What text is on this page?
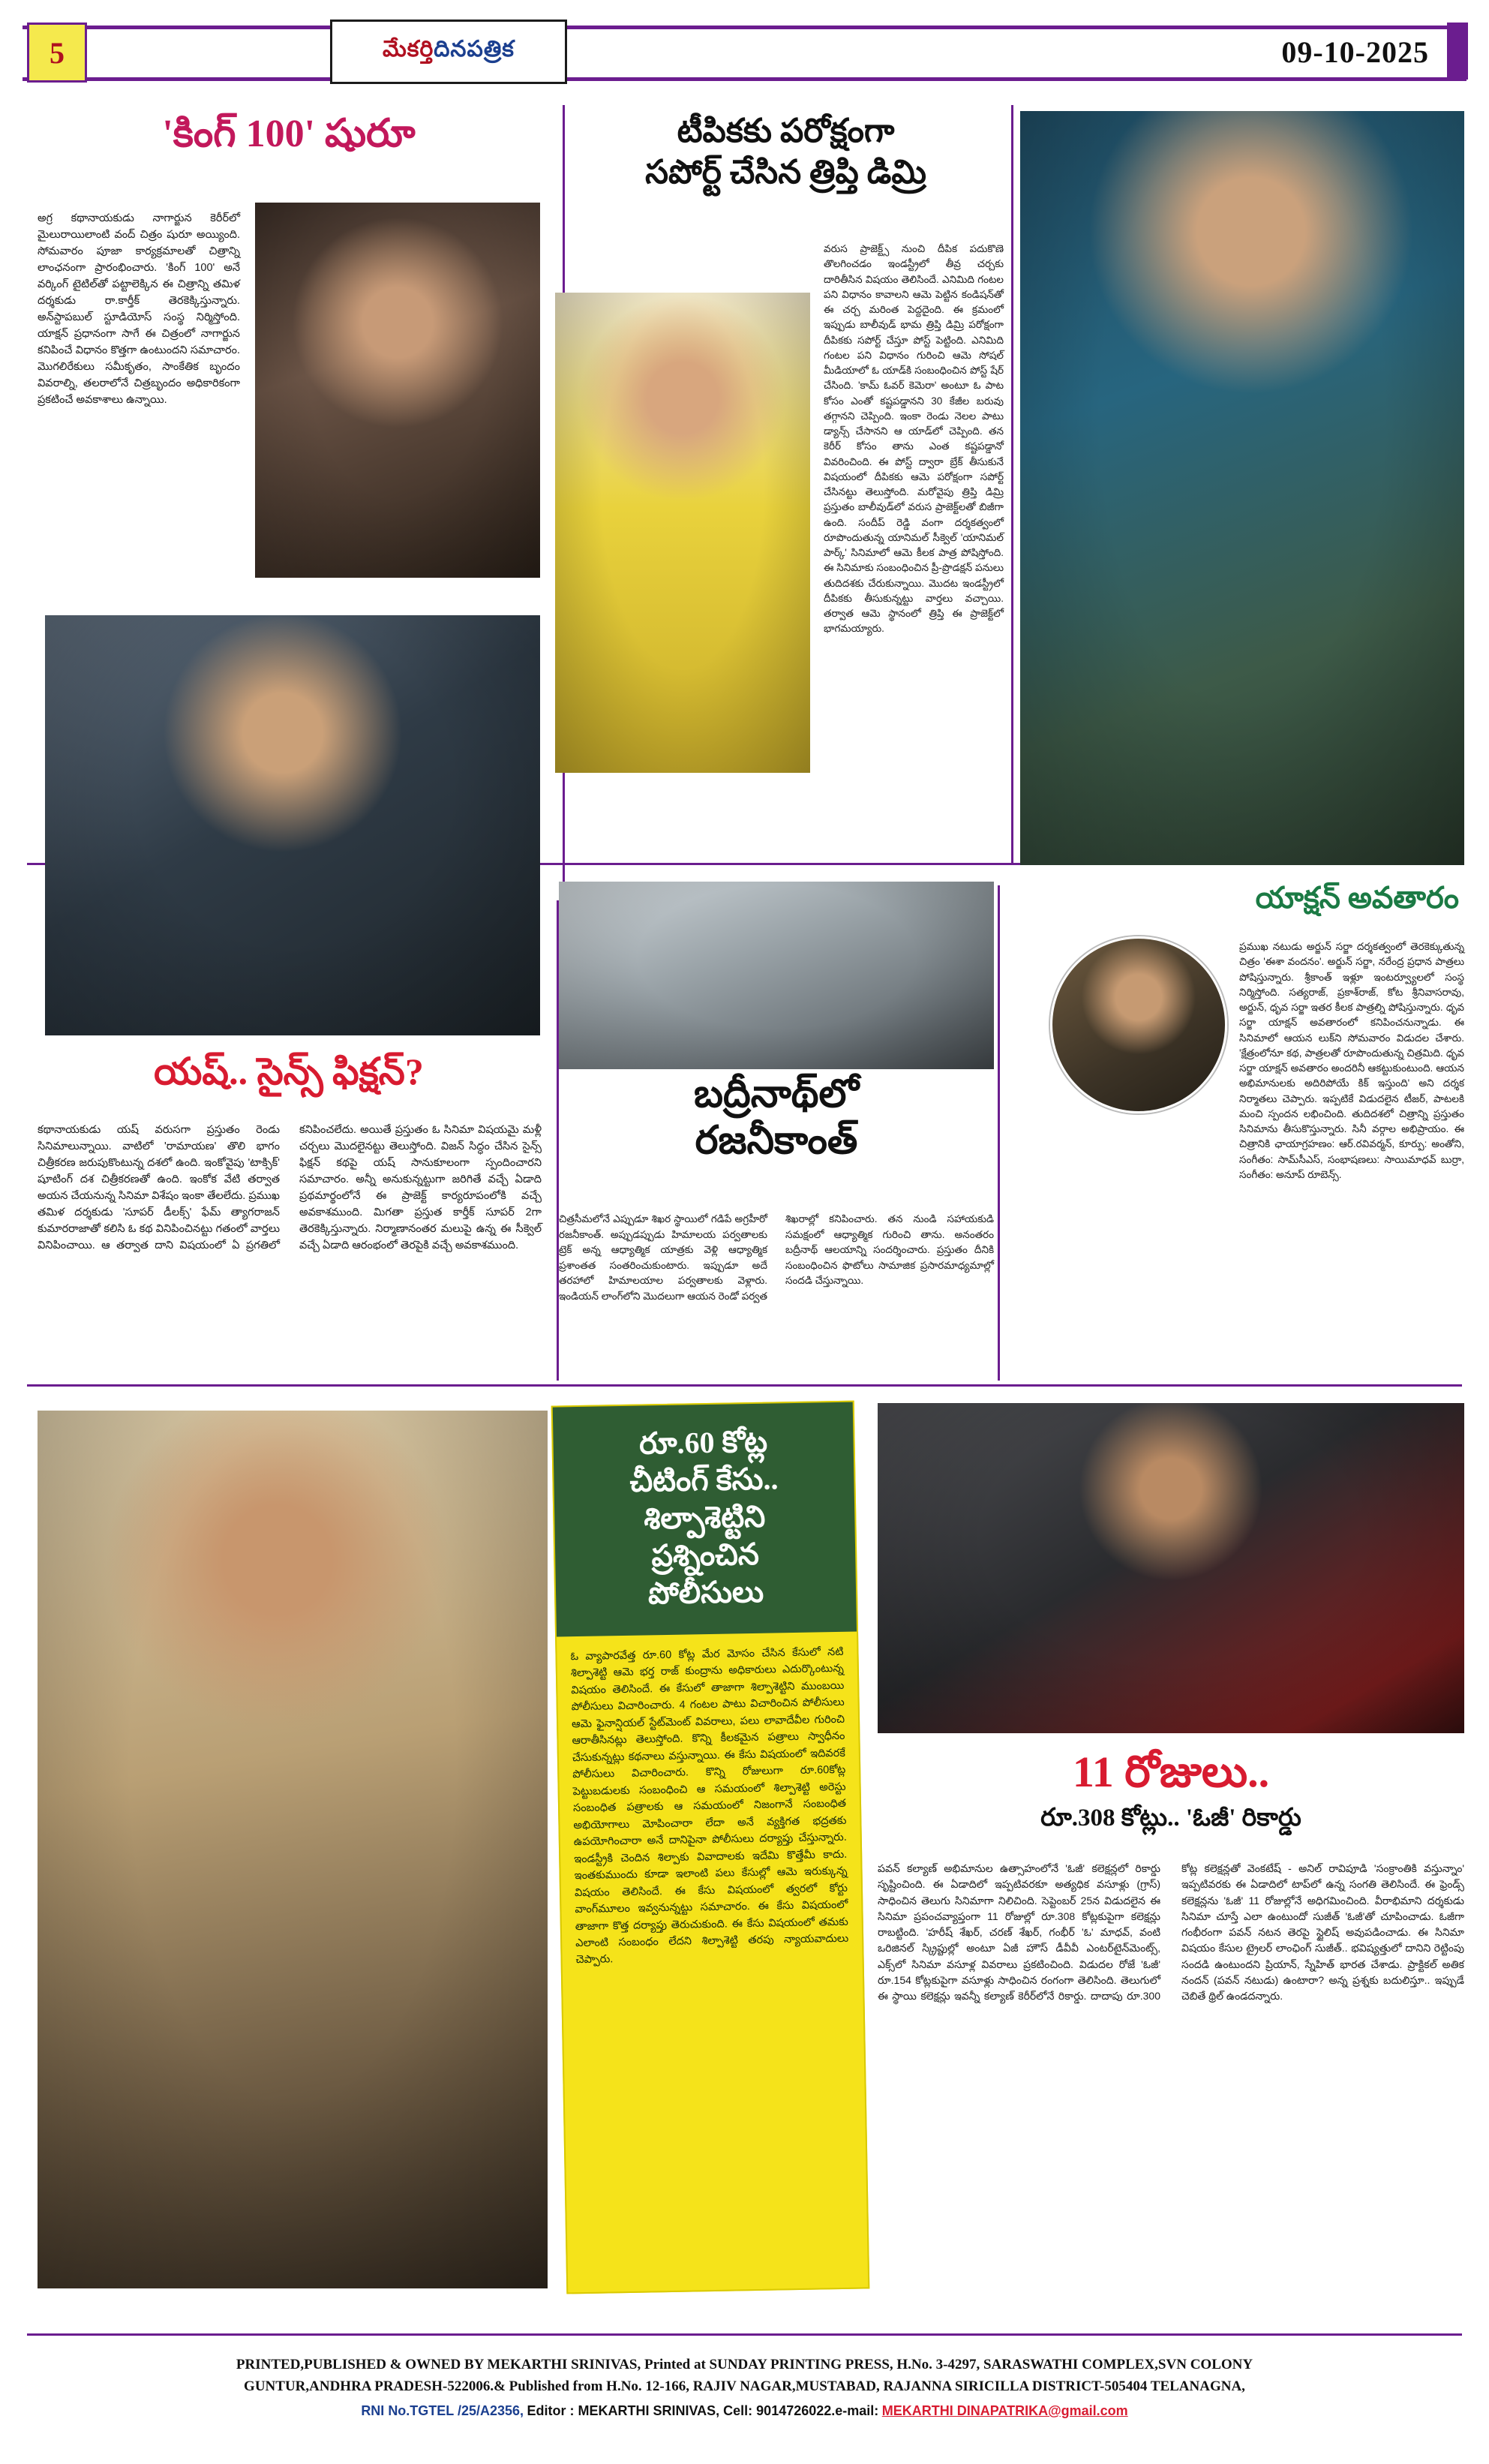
5	మేకర్తి దినపత్రిక	09-10-2025
'కింగ్ 100' షురూ
అగ్ర కథానాయకుడు నాగార్జున కెరీర్‌లో మైలురాయిలాంటి వంద్ చిత్రం షురూ అయ్యింది. సోమవారం పూజా కార్యక్రమాలతో చిత్రాన్ని లాంఛనంగా ప్రారంభించారు. 'కింగ్ 100' అనే వర్కింగ్ టైటిల్‌తో పట్టాలెక్కిన ఈ చిత్రాన్ని తమిళ దర్శకుడు రా.కార్తీక్ తెరకెక్కిస్తున్నారు. అన్‌స్టాపబుల్ స్టూడియోస్ సంస్థ నిర్మిస్తోంది. యాక్షన్ ప్రధానంగా సాగే ఈ చిత్రంలో నాగార్జున కనిపించే విధానం కొత్తగా ఉంటుందని సమాచారం. మొగలిరేకులు సమీకృతం, సాంకేతిక బృందం వివరాల్ని, తలరాలోనే చిత్రబృందం అధికారికంగా ప్రకటించే అవకాశాలు ఉన్నాయి.
టీపికకు పరోక్షంగా
సపోర్ట్ చేసిన త్రిప్తి డిమ్రి
వరుస ప్రాజెక్ట్స్ నుంచి దీపిక పదుకొణె తొలగించడం ఇండస్ట్రీలో తీవ్ర చర్చకు దారితీసిన విషయం తెలిసిందే. ఎనిమిది గంటల పని విధానం కావాలని ఆమె పెట్టిన కండిషన్‌తో ఈ చర్చ మరింత పెద్దదైంది. ఈ క్రమంలో ఇప్పుడు బాలీవుడ్ భామ త్రిప్తి డిమ్రి పరోక్షంగా దీపికకు సపోర్ట్ చేస్తూ పోస్ట్ పెట్టింది. ఎనిమిది గంటల పని విధానం గురించి ఆమె సోషల్ మీడియాలో ఓ యాడ్‌కి సంబంధించిన పోస్ట్ షేర్ చేసింది. 'కామ్ ఓవర్ కెమెరా' అంటూ ఓ పాట కోసం ఎంతో కష్టపడ్డానని 30 కేజీల బరువు తగ్గానని చెప్పింది. ఇంకా రెండు నెలల పాటు డ్యాన్స్ చేసానని ఆ యాడ్‌లో చెప్పింది. తన కెరీర్ కోసం తాను ఎంత కష్టపడ్డానో వివరించింది. ఈ పోస్ట్ ద్వారా బ్రేక్ తీసుకునే విషయంలో దీపికకు ఆమె పరోక్షంగా సపోర్ట్ చేసినట్టు తెలుస్తోంది. మరోవైపు త్రిప్తి డిమ్రి ప్రస్తుతం బాలీవుడ్‌లో వరుస ప్రాజెక్ట్‌లతో బిజీగా ఉంది. సందీప్ రెడ్డి వంగా దర్శకత్వంలో రూపొందుతున్న యానిమల్ సీక్వెల్ 'యానిమల్ పార్క్' సినిమాలో ఆమె కీలక పాత్ర పోషిస్తోంది. ఈ సినిమాకు సంబంధించిన ప్రీ-ప్రొడక్షన్ పనులు తుదిదశకు చేరుకున్నాయి. మొదట ఇండస్ట్రీలో దీపికకు తీసుకున్నట్టు వార్తలు వచ్చాయి. తర్వాత ఆమె స్థానంలో త్రిప్తి ఈ ప్రాజెక్ట్‌లో భాగమయ్యారు.
యష్.. సైన్స్ ఫిక్షన్?
కథానాయకుడు యష్ వరుసగా ప్రస్తుతం రెండు సినిమాలున్నాయి. వాటిలో 'రామాయణ' తొలి భాగం చిత్రీకరణ జరుపుకొంటున్న దశలో ఉంది. ఇంకోవైపు 'టాక్సిక్' షూటింగ్ దశ చిత్రీకరణతో ఉంది. ఇంకోక వేటి తర్వాత అయన చేయనున్న సినిమా విశేషం ఇంకా తేలలేదు. ప్రముఖ తమిళ దర్శకుడు 'సూపర్ డీలక్స్' ఫేమ్ త్యాగరాజన్ కుమారరాజాతో కలిసి ఓ కథ వినిపించినట్టు గతంలో వార్తలు వినిపించాయి. ఆ తర్వాత దాని విషయంలో ఏ ప్రగతిలో కనిపించలేదు. అయితే ప్రస్తుతం ఓ సినిమా విషయమై మళ్లీ చర్చలు మొదలైనట్టు తెలుస్తోంది. విజన్ సిద్ధం చేసిన సైన్స్ ఫిక్షన్ కథపై యష్ సానుకూలంగా స్పందించారని సమాచారం. అన్నీ అనుకున్నట్టుగా జరిగితే వచ్చే ఏడాది ప్రథమార్థంలోనే ఈ ప్రాజెక్ట్ కార్యరూపంలోకి వచ్చే అవకాశముంది. మిగతా ప్రస్తుత కార్తీక్ సూపర్ 2గా తెరకెక్కిస్తున్నారు. నిర్మాణానంతర మలుపై ఉన్న ఈ సీక్వెల్ వచ్చే ఏడాది ఆరంభంలో తెరపైకి వచ్చే అవకాశముంది.
బద్రీనాథ్‌లో
రజనీకాంత్
చిత్రసీమలోనే ఎప్పుడూ శిఖర స్థాయిలో గడిపే అగ్రహీరో రజనీకాంత్. అప్పుడప్పుడు హిమాలయ పర్వతాలకు ట్రెక్ అన్న ఆధ్యాత్మిక యాత్రకు వెళ్లి ఆధ్యాత్మిక ప్రశాంతత సంతరించుకుంటారు. ఇప్పుడూ అదే తరహాలో హిమాలయాల పర్వతాలకు వెళ్లారు. ఇండియన్ లాంగ్‌లోని మొదలుగా ఆయన రెండో పర్వత శిఖరాల్లో కనిపించారు. తన నుండి సహాయకుడి సమక్షంలో ఆధ్యాత్మిక గురించి తాను. అనంతరం బద్రీనాథ్ ఆలయాన్ని సందర్శించారు. ప్రస్తుతం దీనికి సంబంధించిన ఫొటోలు సామాజిక ప్రసారమాధ్యమాల్లో సందడి చేస్తున్నాయి.
యాక్షన్ అవతారం
ప్రముఖ నటుడు అర్జున్ సర్జా దర్శకత్వంలో తెరకెక్కుతున్న చిత్రం 'ఈశా వందనం'. అర్జున్ సర్జా, నరేంద్ర ప్రధాన పాత్రలు పోషిస్తున్నారు. శ్రీకాంత్ ఇళ్లూ ఇంటర్వ్యూలలో సంస్థ నిర్మిస్తోంది. సత్యరాజ్, ప్రకాశ్‌రాజ్, కోట శ్రీనివాసరావు, అర్జున్, ధృవ సర్జా ఇతర కీలక పాత్రల్ని పోషిస్తున్నారు. ధృవ సర్జా యాక్షన్ అవతారంలో కనిపించనున్నాడు. ఈ సినిమాలో ఆయన లుక్‌ని సోమవారం విడుదల చేశారు. 'క్షేత్రంలోనూ కథ, పాత్రలతో రూపొందుతున్న చిత్రమిది. ధృవ సర్జా యాక్షన్ అవతారం అందరినీ ఆకట్టుకుంటుంది. ఆయన అభిమానులకు అదిరిపోయే కిక్ ఇస్తుంది' అని దర్శక నిర్మాతలు చెప్పారు. ఇప్పటికే విడుదలైన టీజర్, పాటలకి మంచి స్పందన లభించింది. తుదిదశలో చిత్రాన్ని ప్రస్తుతం సినిమాను తీసుకొస్తున్నారు. సినీ వర్గాల అభిప్రాయం. ఈ చిత్రానికి ఛాయాగ్రహణం: ఆర్.రవివర్మన్, కూర్పు: అంతోని, సంగీతం: సామ్‌సీఎస్, సంభాషణలు: సాయిమాధవ్ బుర్రా, సంగీతం: అనూప్ రూబెన్స్.
రూ.60 కోట్ల
చీటింగ్ కేసు..
శిల్పాశెట్టిని
ప్రశ్నించిన
పోలీసులు
ఓ వ్యాపారవేత్త రూ.60 కోట్ల మేర మోసం చేసిన కేసులో నటి శిల్పాశెట్టి ఆమె భర్త రాజ్ కుంద్రాను అధికారులు ఎదుర్కొంటున్న విషయం తెలిసిందే. ఈ కేసులో తాజాగా శిల్పాశెట్టిని ముంబయి పోలీసులు విచారించారు. 4 గంటల పాటు విచారించిన పోలీసులు ఆమె ఫైనాన్షియల్ స్టేట్‌మెంట్ వివరాలు, పలు లావాదేవీల గురించి ఆరాతీసినట్లు తెలుస్తోంది. కొన్ని కీలకమైన పత్రాలు స్వాధీనం చేసుకున్నట్లు కథనాలు వస్తున్నాయి. ఈ కేసు విషయంలో ఇదివరకే పోలీసులు విచారించారు. కొన్ని రోజులుగా రూ.60కోట్ల పెట్టుబడులకు సంబంధించి ఆ సమయంలో శిల్పాశెట్టి అరెస్టు సంబంధిత పత్రాలకు ఆ సమయంలో నిజంగానే సంబంధిత అభియోగాలు మోపించారా లేదా అనే వ్యక్తిగత భద్రతకు ఉపయోగించారా అనే దానిపైనా పోలీసులు దర్యాప్తు చేస్తున్నారు. ఇండస్ట్రీకి చెందిన శిల్పాకు వివాదాలకు ఇదేమి కొత్తేమీ కాదు. ఇంతకుముందు కూడా ఇలాంటి పలు కేసుల్లో ఆమె ఇరుక్కున్న విషయం తెలిసిందే. ఈ కేసు విషయంలో త్వరలో కోర్టు వాంగ్‌మూలం ఇవ్వనున్నట్టు సమాచారం. ఈ కేసు విషయంలో తాజాగా కొత్త దర్యాప్తు తెరుచుకుంది. ఈ కేసు విషయంలో తమకు ఎలాంటి సంబంధం లేదని శిల్పాశెట్టి తరపు న్యాయవాదులు చెప్పారు.
11 రోజులు..
రూ.308 కోట్లు.. 'ఓజీ' రికార్డు
పవన్ కల్యాణ్ అభిమానుల ఉత్సాహంలోనే 'ఓజీ' కలెక్షన్లలో రికార్డు సృష్టించింది. ఈ ఏడాదిలో ఇప్పటివరకూ అత్యధిక వసూళ్లు (గ్రాస్) సాధించిన తెలుగు సినిమాగా నిలిచింది. సెప్టెంబర్ 25న విడుదలైన ఈ సినిమా ప్రపంచవ్యాప్తంగా 11 రోజుల్లో రూ.308 కోట్లకుపైగా కలెక్షన్లు రాబట్టింది. 'హరీష్ శేఖర్, చరణ్ శేఖర్, గంభీర్ 'ఓ' మాధవ్, వంటి ఒరిజినల్ స్క్రిప్టుల్లో అంటూ ఏజీ హౌస్ డీవీవీ ఎంటర్‌టైన్‌మెంట్స్, ఎక్స్‌లో సినిమా వసూళ్ల వివరాలు ప్రకటించింది. విడుదల రోజే 'ఓజీ' రూ.154 కోట్లకుపైగా వసూళ్లు సాధించిన రంగంగా తెలిసింది. తెలుగులో ఈ స్థాయి కలెక్షన్లు ఇవన్నీ కల్యాణ్ కెరీర్‌లోనే రికార్డు. దాదాపు రూ.300 కోట్ల కలెక్షన్లతో వెంకటేష్ - అనిల్ రావిపూడి 'సంక్రాంతికి వస్తున్నాం' ఇప్పటివరకు ఈ ఏడాదిలో టాప్‌లో ఉన్న సంగతి తెలిసిందే. ఈ ఫ్రెండ్స్ కలెక్షన్లను 'ఓజీ' 11 రోజుల్లోనే అధిగమించింది. వీరాభిమాని దర్శకుడు సినిమా చూస్తే ఎలా ఉంటుందో సుజీత్ 'ఓజీ'తో చూపించాడు. ఓజీగా గంభీరంగా పవన్ నటన తెరపై స్టైలిష్ అవుపడించాడు. ఈ సినిమా విషయం కేసుల ట్రైలర్ లాంఛింగ్ సుజీత్.. భవిష్యత్తులో దానిని రెట్టింపు సందడి ఉంటుందని ప్రియాన్, స్నేహిత్ భారత చేశాడు. ప్రాక్టికల్ అతిక నందన్ (పవన్ నటుడు) ఉంటారా? అన్న ప్రశ్నకు బదులిస్తూ.. ఇప్పుడే చెబితే థ్రిల్ ఉండదన్నారు.
PRINTED,PUBLISHED & OWNED BY MEKARTHI SRINIVAS, Printed at SUNDAY PRINTING PRESS, H.No. 3-4297, SARASWATHI COMPLEX,SVN COLONY
GUNTUR,ANDHRA PRADESH-522006.& Published from H.No. 12-166, RAJIV NAGAR,MUSTABAD, RAJANNA SIRICILLA DISTRICT-505404 TELANAGNA,
RNI No.TGTEL /25/A2356, Editor : MEKARTHI SRINIVAS, Cell: 9014726022.e-mail: MEKARTHI DINAPATRIKA@gmail.com
